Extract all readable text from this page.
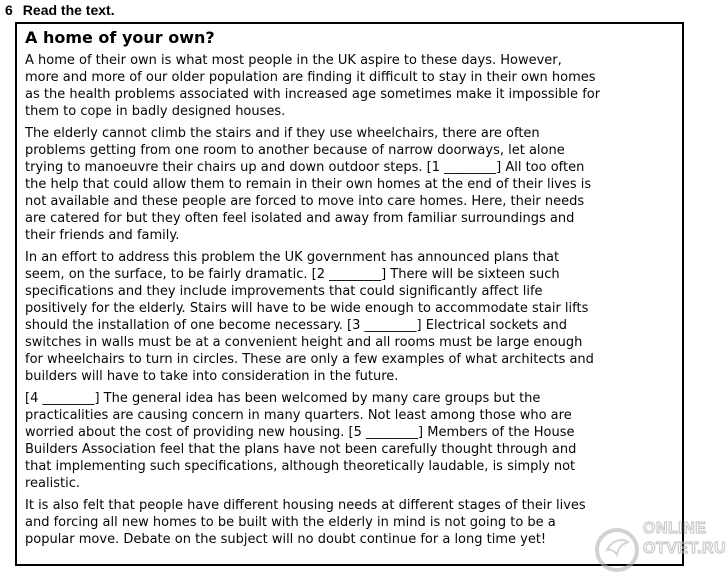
6 Read the text.
A home of your own?

A home of their own is what most people in the UK aspire to these days. However,
more and more of our older population are finding it difficult to stay in their own homes
as the health problems associated with increased age sometimes make it impossible for
them to cope in badly designed houses.

The elderly cannot climb the stairs and if they use wheelchairs, there are often
problems getting from one room to another because of narrow doorways, let alone
trying to manoeuvre their chairs up and down outdoor steps. [1 ________] All too often
the help that could allow them to remain in their own homes at the end of their lives is
not available and these people are forced to move into care homes. Here, their needs
are catered for but they often feel isolated and away from familiar surroundings and
their friends and family.

In an effort to address this problem the UK government has announced plans that
seem, on the surface, to be fairly dramatic. [2 ________] There will be sixteen such
specifications and they include improvements that could significantly affect life
positively for the elderly. Stairs will have to be wide enough to accommodate stair lifts
should the installation of one become necessary. [3 ________] Electrical sockets and
switches in walls must be at a convenient height and all rooms must be large enough
for wheelchairs to turn in circles. These are only a few examples of what architects and
builders will have to take into consideration in the future.

[4 ________] The general idea has been welcomed by many care groups but the
practicalities are causing concern in many quarters. Not least among those who are
worried about the cost of providing new housing. [5 ________] Members of the House
Builders Association feel that the plans have not been carefully thought through and
that implementing such specifications, although theoretically laudable, is simply not
realistic.

It is also felt that people have different housing needs at different stages of their lives
and forcing all new homes to be built with the elderly in mind is not going to be a
popular move. Debate on the subject will no doubt continue for a long time yet!

ONLINE
OTVET.RU
